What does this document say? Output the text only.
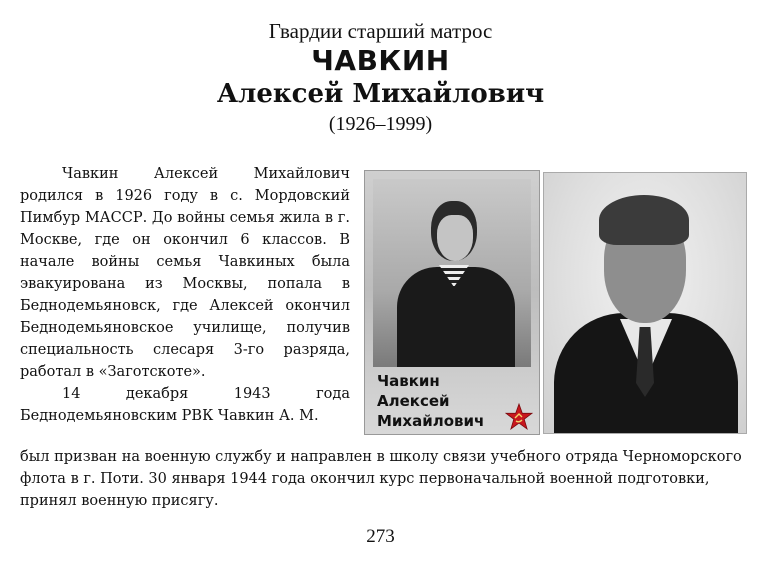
Гвардии старший матрос
ЧАВКИН
Алексей Михайлович
(1926–1999)

Чавкин Алексей Михайлович родился в 1926 году в с. Мордовский Пимбур МАССР. До войны семья жила в г. Москве, где он окончил 6 классов. В начале войны семья Чавкиных была эвакуирована из Москвы, попала в Беднодемьяновск, где Алексей окончил Беднодемьяновское училище, получив специальность слесаря 3-го разряда, работал в «Заготскоте».

14 декабря 1943 года Беднодемьяновским РВК Чавкин А. М.

Чавкин
Алексей
Михайлович

был призван на военную службу и направлен в школу связи учебного отряда Черноморского флота в г. Поти. 30 января 1944 года окончил курс первоначальной военной подготовки, принял военную присягу.

273
